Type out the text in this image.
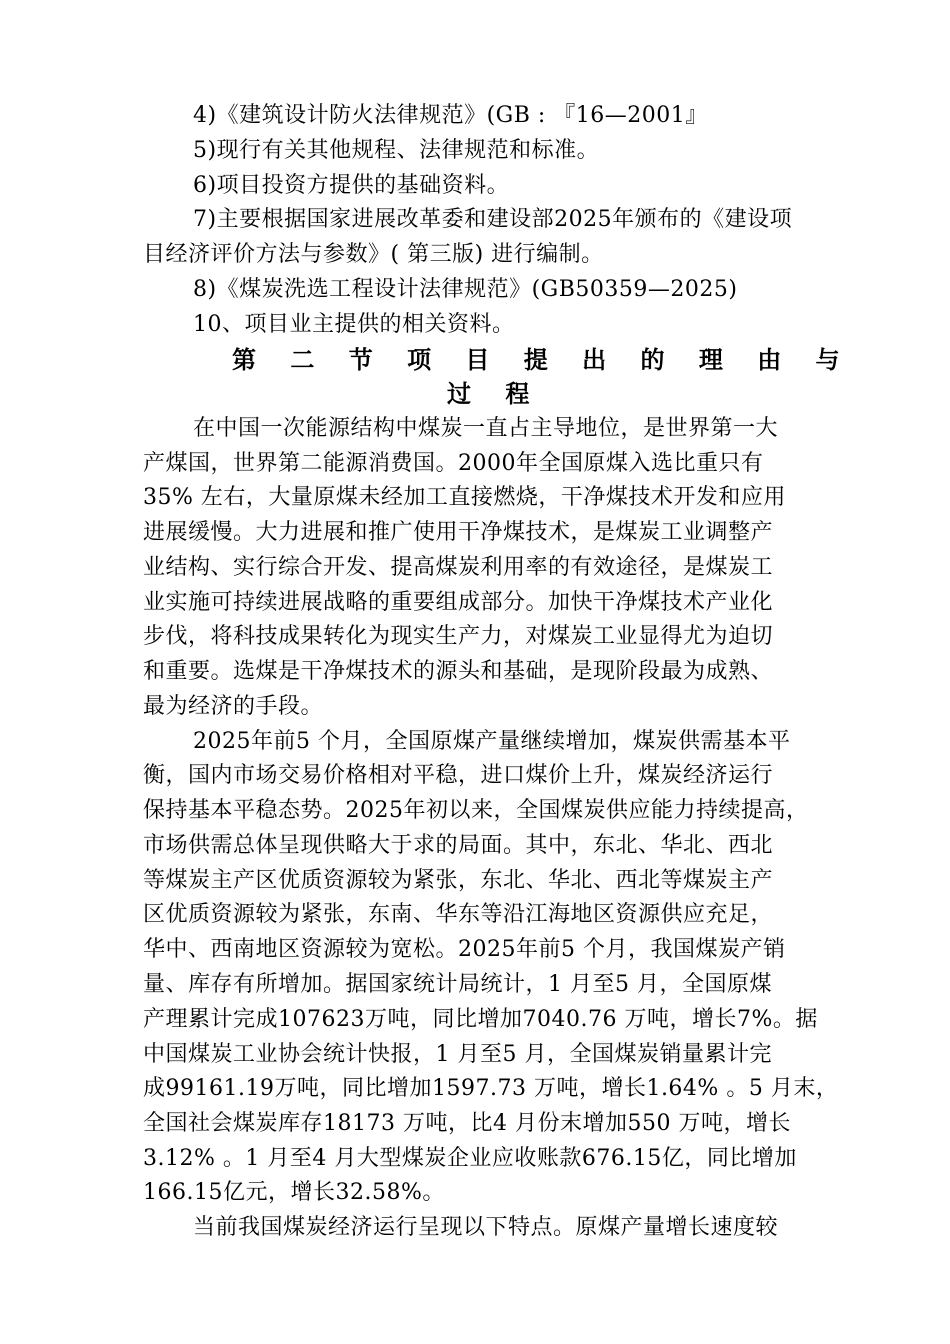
4)《建筑设计防火法律规范》(GB : 『16—2001』
5)现行有关其他规程、法律规范和标准。
6)项目投资方提供的基础资料。
7)主要根据国家进展改革委和建设部2025年颁布的《建设项
目经济评价方法与参数》( 第三版) 进行编制。
8)《煤炭洗选工程设计法律规范》(GB50359—2025)
10、项目业主提供的相关资料。
第 二 节 项 目 提 出 的 理 由 与
过 程
在中国一次能源结构中煤炭一直占主导地位，是世界第一大
产煤国，世界第二能源消费国。2000年全国原煤入选比重只有
35% 左右，大量原煤未经加工直接燃烧，干净煤技术开发和应用
进展缓慢。大力进展和推广使用干净煤技术，是煤炭工业调整产
业结构、实行综合开发、提高煤炭利用率的有效途径，是煤炭工
业实施可持续进展战略的重要组成部分。加快干净煤技术产业化
步伐，将科技成果转化为现实生产力，对煤炭工业显得尤为迫切
和重要。选煤是干净煤技术的源头和基础，是现阶段最为成熟、
最为经济的手段。
2025年前5 个月，全国原煤产量继续增加，煤炭供需基本平
衡，国内市场交易价格相对平稳，进口煤价上升，煤炭经济运行
保持基本平稳态势。2025年初以来，全国煤炭供应能力持续提高，
市场供需总体呈现供略大于求的局面。其中，东北、华北、西北
等煤炭主产区优质资源较为紧张，东北、华北、西北等煤炭主产
区优质资源较为紧张，东南、华东等沿江海地区资源供应充足，
华中、西南地区资源较为宽松。2025年前5 个月，我国煤炭产销
量、库存有所增加。据国家统计局统计，1 月至5 月，全国原煤
产理累计完成107623万吨，同比增加7040.76 万吨，增长7%。据
中国煤炭工业协会统计快报，1 月至5 月，全国煤炭销量累计完
成99161.19万吨，同比增加1597.73 万吨，增长1.64% 。5 月末，
全国社会煤炭库存18173 万吨，比4 月份末增加550 万吨，增长
3.12% 。1 月至4 月大型煤炭企业应收账款676.15亿，同比增加
166.15亿元，增长32.58%。
当前我国煤炭经济运行呈现以下特点。原煤产量增长速度较
